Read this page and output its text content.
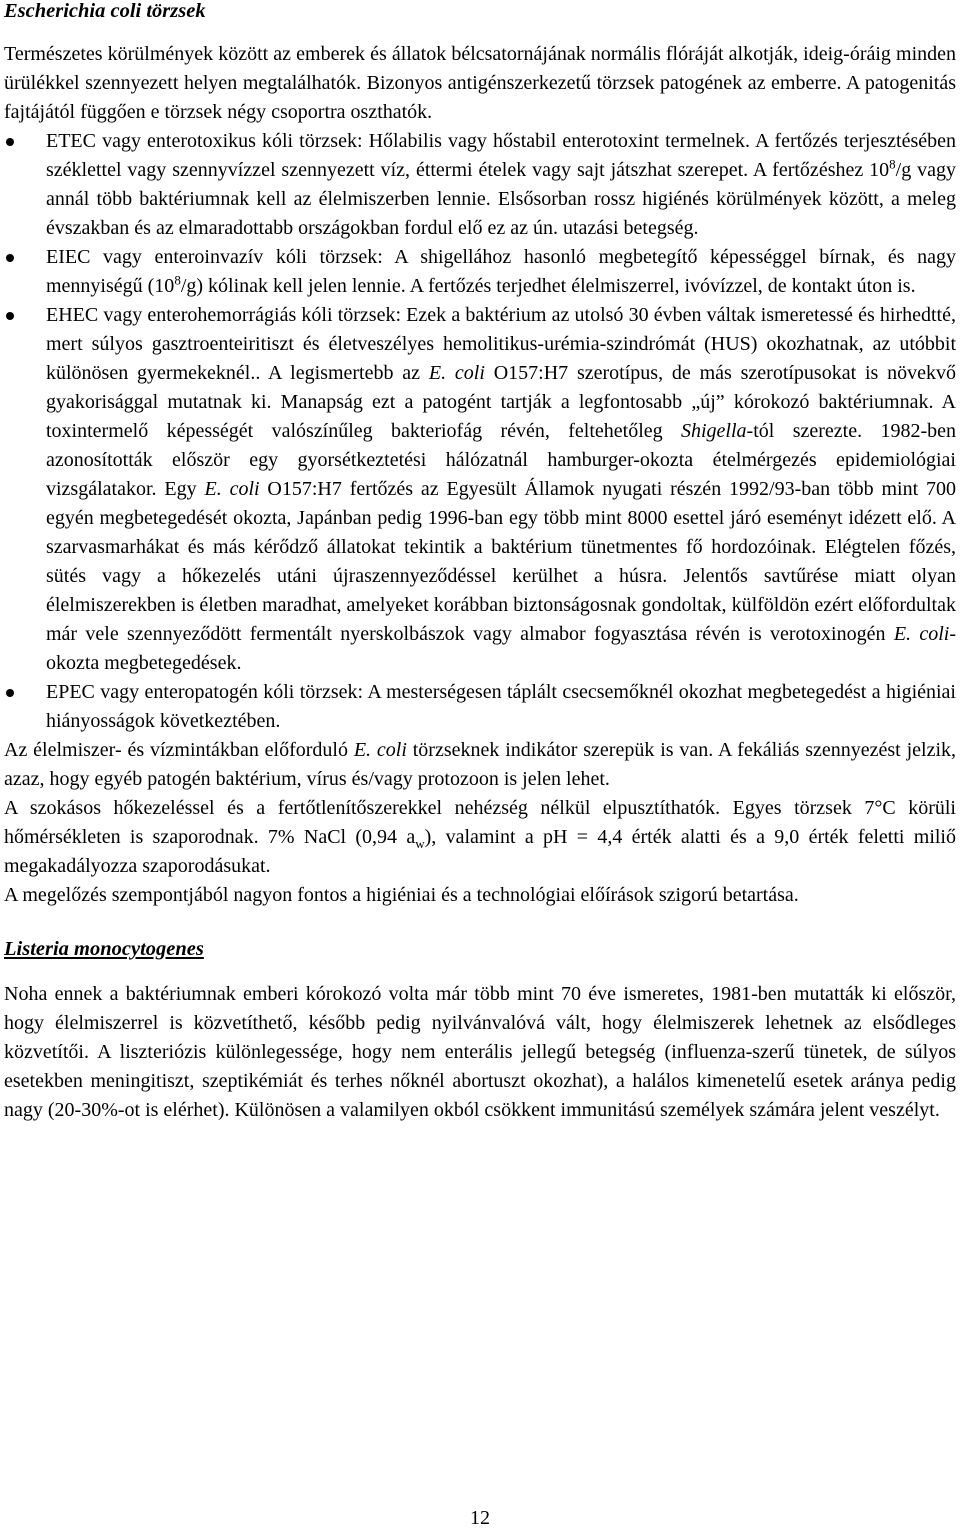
Escherichia coli törzsek

Természetes körülmények között az emberek és állatok bélcsatornájának normális flóráját alkotják, ideig-óráig minden ürülékkel szennyezett helyen megtalálhatók. Bizonyos antigénszerkezetű törzsek patogének az emberre. A patogenitás fajtájától függően e törzsek négy csoportra oszthatók.

ETEC vagy enterotoxikus kóli törzsek: Hőlabilis vagy hőstabil enterotoxint termelnek. A fertőzés terjesztésében széklettel vagy szennyvízzel szennyezett víz, éttermi ételek vagy sajt játszhat szerepet. A fertőzéshez $10^8/g$ vagy annál több baktériumnak kell az élelmiszerben lennie. Elsősorban rossz higiénés körülmények között, a meleg évszakban és az elmaradottabb országokban fordul elő ez az ún. utazási betegség.

EIEC vagy enteroinvazív kóli törzsek: A shigellához hasonló megbetegítő képességgel bírnak, és nagy mennyiségű $(10^8/g)$ kólinak kell jelen lennie. A fertőzés terjedhet élelmiszerrel, ivóvízzel, de kontakt úton is.

EHEC vagy enterohemorrágiás kóli törzsek: Ezek a baktérium az utolsó 30 évben váltak ismeretessé és hirhedtté, mert súlyos gasztroenteiritiszt és életveszélyes hemolitikus-urémia-szindrómát (HUS) okozhatnak, az utóbbit különösen gyermekeknél.. A legismertebb az E. coli O157:H7 szerotípus, de más szerotípusokat is növekvő gyakorisággal mutatnak ki. Manapság ezt a patogént tartják a legfontosabb „új” kórokozó baktériumnak. A toxintermelő képességét valószínűleg bakteriofág révén, feltehetőleg Shigella-tól szerezte. 1982-ben azonosították először egy gyorsétkeztetési hálózatnál hamburger-okozta ételmérgezés epidemiológiai vizsgálatakor. Egy E. coli O157:H7 fertőzés az Egyesült Államok nyugati részén 1992/93-ban több mint 700 egyén megbetegedését okozta, Japánban pedig 1996-ban egy több mint 8000 esettel járó eseményt idézett elő. A szarvasmarhákat és más kérődző állatokat tekintik a baktérium tünetmentes fő hordozóinak. Elégtelen főzés, sütés vagy a hőkezelés utáni újraszennyeződéssel kerülhet a húsra. Jelentős savtűrése miatt olyan élelmiszerekben is életben maradhat, amelyeket korábban biztonságosnak gondoltak, külföldön ezért előfordultak már vele szennyeződött fermentált nyerskolbászok vagy almabor fogyasztása révén is verotoxinogén E. coli- okozta megbetegedések.

EPEC vagy enteropatogén kóli törzsek: A mesterségesen táplált csecsemőknél okozhat megbetegedést a higiéniai hiányosságok következtében.

Az élelmiszer- és vízmintákban előforduló E. coli törzseknek indikátor szerepük is van. A fekáliás szennyezést jelzik, azaz, hogy egyéb patogén baktérium, vírus és/vagy protozoon is jelen lehet.

A szokásos hőkezeléssel és a fertőtlenítőszerekkel nehézség nélkül elpusztíthatók. Egyes törzsek 7°C körüli hőmérsékleten is szaporodnak. 7% NaCl (0,94 $a_w$), valamint a pH = 4,4 érték alatti és a 9,0 érték feletti miliő megakadályozza szaporodásukat.

A megelőzés szempontjából nagyon fontos a higiéniai és a technológiai előírások szigorú betartása.

Listeria monocytogenes

Noha ennek a baktériumnak emberi kórokozó volta már több mint 70 éve ismeretes, 1981-ben mutatták ki először, hogy élelmiszerrel is közvetíthető, később pedig nyilvánvalóvá vált, hogy élelmiszerek lehetnek az elsődleges közvetítői. A liszteriózis különlegessége, hogy nem enterális jellegű betegség (influenza-szerű tünetek, de súlyos esetekben meningitiszt, szeptikémiát és terhes nőknél abortuszt okozhat), a halálos kimenetelű esetek aránya pedig nagy (20-30%-ot is elérhet). Különösen a valamilyen okból csökkent immunitású személyek számára jelent veszélyt.

12
